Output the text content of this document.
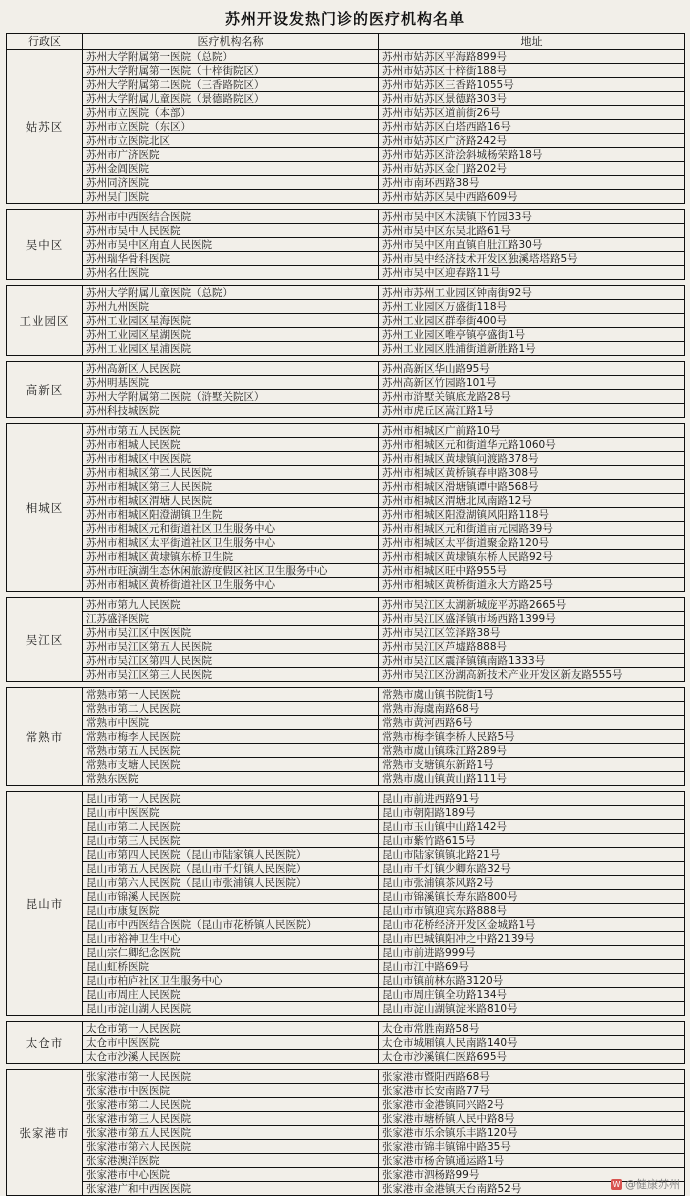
苏州开设发热门诊的医疗机构名单
行政区	医疗机构名称	地址
姑苏区	苏州大学附属第一医院（总院）	苏州市姑苏区平海路899号
	苏州大学附属第一医院（十梓街院区）	苏州市姑苏区十梓街188号
	苏州大学附属第二医院（三香路院区）	苏州市姑苏区三香路1055号
	苏州大学附属儿童医院（景德路院区）	苏州市姑苏区景德路303号
	苏州市立医院（本部）	苏州市姑苏区道前街26号
	苏州市立医院（东区）	苏州市姑苏区白塔西路16号
	苏州市立医院北区	苏州市姑苏区广济路242号
	苏州市广济医院	苏州市姑苏区浒浍斜城杨荣路18号
	苏州金阊医院	苏州市姑苏区金门路202号
	苏州同济医院	苏州市南环西路38号
	苏州吴门医院	苏州市姑苏区吴中西路609号

吴中区	苏州市中西医结合医院	苏州市吴中区木渎镇下竹园33号
	苏州市吴中人民医院	苏州市吴中区东吴北路61号
	苏州市吴中区甪直人民医院	苏州市吴中区甪直镇自肚江路30号
	苏州瑞华骨科医院	苏州市吴中经济技术开发区独溪塔塔路5号
	苏州名仕医院	苏州市吴中区迎春路11号

工业园区	苏州大学附属儿童医院（总院）	苏州市苏州工业园区钟南街92号
	苏州九州医院	苏州工业园区万盛街118号
	苏州工业园区星海医院	苏州工业园区群奉街400号
	苏州工业园区星湖医院	苏州工业园区唯亭镇亭盛街1号
	苏州工业园区星浦医院	苏州工业园区胜浦街道新胜路1号

高新区	苏州高新区人民医院	苏州高新区华山路95号
	苏州明基医院	苏州高新区竹园路101号
	苏州大学附属第二医院（浒墅关院区）	苏州市浒墅关镇底龙路28号
	苏州科技城医院	苏州市虎丘区嵩江路1号

相城区	苏州市第五人民医院	苏州市相城区广前路10号
	苏州市相城人民医院	苏州市相城区元和街道华元路1060号
	苏州市相城区中医医院	苏州市相城区黄埭镇问渡路378号
	苏州市相城区第二人民医院	苏州市相城区黄桥镇春申路308号
	苏州市相城区第三人民医院	苏州市相城区滑塘镇谭中路568号
	苏州市相城区渭塘人民医院	苏州市相城区渭塘北凤南路12号
	苏州市相城区阳澄湖镇卫生院	苏州市相城区阳澄湖镇风阳路118号
	苏州市相城区元和街道社区卫生服务中心	苏州市相城区元和街道亩元园路39号
	苏州市相城区太平街道社区卫生服务中心	苏州市相城区太平街道聚金路120号
	苏州市相城区黄埭镇东桥卫生院	苏州市相城区黄埭镇东桥人民路92号
	苏州市旺演湖生态休闲旅游度假区社区卫生服务中心	苏州市相城区旺中路955号
	苏州市相城区黄桥街道社区卫生服务中心	苏州市相城区黄桥街道永大方路25号

吴江区	苏州市第九人民医院	苏州市吴江区太湖新城庞平苏路2665号
	江苏盛泽医院	苏州市吴江区盛泽镇市场西路1399号
	苏州市吴江区中医医院	苏州市吴江区笠泽路38号
	苏州市吴江区第五人民医院	苏州市吴江区芦墟路888号
	苏州市吴江区第四人民医院	苏州市吴江区震泽镇镇南路1333号
	苏州市吴江区第三人民医院	苏州市吴江区汾湖高新技术产业开发区新友路555号

常熟市	常熟市第一人民医院	常熟市虞山镇书院街1号
	常熟市第二人民医院	常熟市海虞南路68号
	常熟市中医院	常熟市黄河西路6号
	常熟市梅李人民医院	常熟市梅李镇李桥人民路5号
	常熟市第五人民医院	常熟市虞山镇珠江路289号
	常熟市支塘人民医院	常熟市支塘镇东新路1号
	常熟东医院	常熟市虞山镇黄山路111号

昆山市	昆山市第一人民医院	昆山市前进西路91号
	昆山市中医医院	昆山市朝阳路189号
	昆山市第二人民医院	昆山市玉山镇中山路142号
	昆山市第三人民医院	昆山市紫竹路615号
	昆山市第四人民医院（昆山市陆家镇人民医院）	昆山市陆家镇镇北路21号
	昆山市第五人民医院（昆山市千灯镇人民医院）	昆山市千灯镇少卿东路32号
	昆山市第六人民医院（昆山市张浦镇人民医院）	昆山市张浦镇茶风路2号
	昆山市锦溪人民医院	昆山市锦溪镇长寿东路800号
	昆山市康复医院	昆山市市镇迎宾东路888号
	昆山市中西医结合医院（昆山市花桥镇人民医院）	昆山市花桥经济开发区金城路1号
	昆山市裕神卫生中心	昆山市巴城镇阳冲之中路2139号
	昆山宗仁卿纪念医院	昆山市前进路999号
	昆山虹桥医院	昆山市江中路69号
	昆山市柏庐社区卫生服务中心	昆山市镇前林东路3120号
	昆山市周庄人民医院	昆山市周庄镇全功路134号
	昆山市淀山湖人民医院	昆山市淀山湖镇淀米路810号

太仓市	太仓市第一人民医院	太仓市常胜南路58号
	太仓市中医医院	太仓市城厢镇人民南路140号
	太仓市沙溪人民医院	太仓市沙溪镇仁医路695号

张家港市	张家港市第一人民医院	张家港市暨阳西路68号
	张家港市中医医院	张家港市长安南路77号
	张家港市第二人民医院	张家港市金港镇同兴路2号
	张家港市第三人民医院	张家港市塘桥镇人民中路8号
	张家港市第五人民医院	张家港市乐余镇乐丰路120号
	张家港市第六人民医院	张家港市锦丰镇锦中路35号
	张家港澳洋医院	张家港市杨舍镇通运路1号
	张家港市中心医院	张家港市泗杨路99号
	张家港广和中西医医院	张家港市金港镇天台南路52号	W @健康苏州
